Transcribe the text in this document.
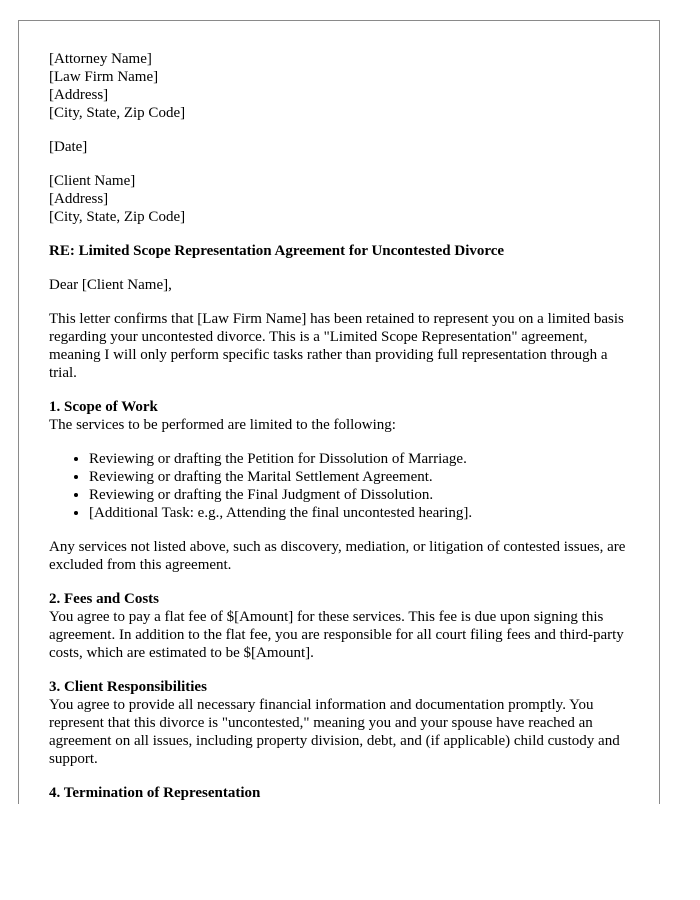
[Attorney Name]
[Law Firm Name]
[Address]
[City, State, Zip Code]
[Date]
[Client Name]
[Address]
[City, State, Zip Code]
RE: Limited Scope Representation Agreement for Uncontested Divorce

Dear [Client Name],

This letter confirms that [Law Firm Name] has been retained to represent you on a limited basis regarding your uncontested divorce. This is a "Limited Scope Representation" agreement, meaning I will only perform specific tasks rather than providing full representation through a trial.

1. Scope of Work

The services to be performed are limited to the following:

• Reviewing or drafting the Petition for Dissolution of Marriage.
• Reviewing or drafting the Marital Settlement Agreement.
• Reviewing or drafting the Final Judgment of Dissolution.
• [Additional Task: e.g., Attending the final uncontested hearing].

Any services not listed above, such as discovery, mediation, or litigation of contested issues, are excluded from this agreement.

2. Fees and Costs

You agree to pay a flat fee of $[Amount] for these services. This fee is due upon signing this agreement. In addition to the flat fee, you are responsible for all court filing fees and third-party costs, which are estimated to be $[Amount].

3. Client Responsibilities

You agree to provide all necessary financial information and documentation promptly. You represent that this divorce is "uncontested," meaning you and your spouse have reached an agreement on all issues, including property division, debt, and (if applicable) child custody and support.

4. Termination of Representation
